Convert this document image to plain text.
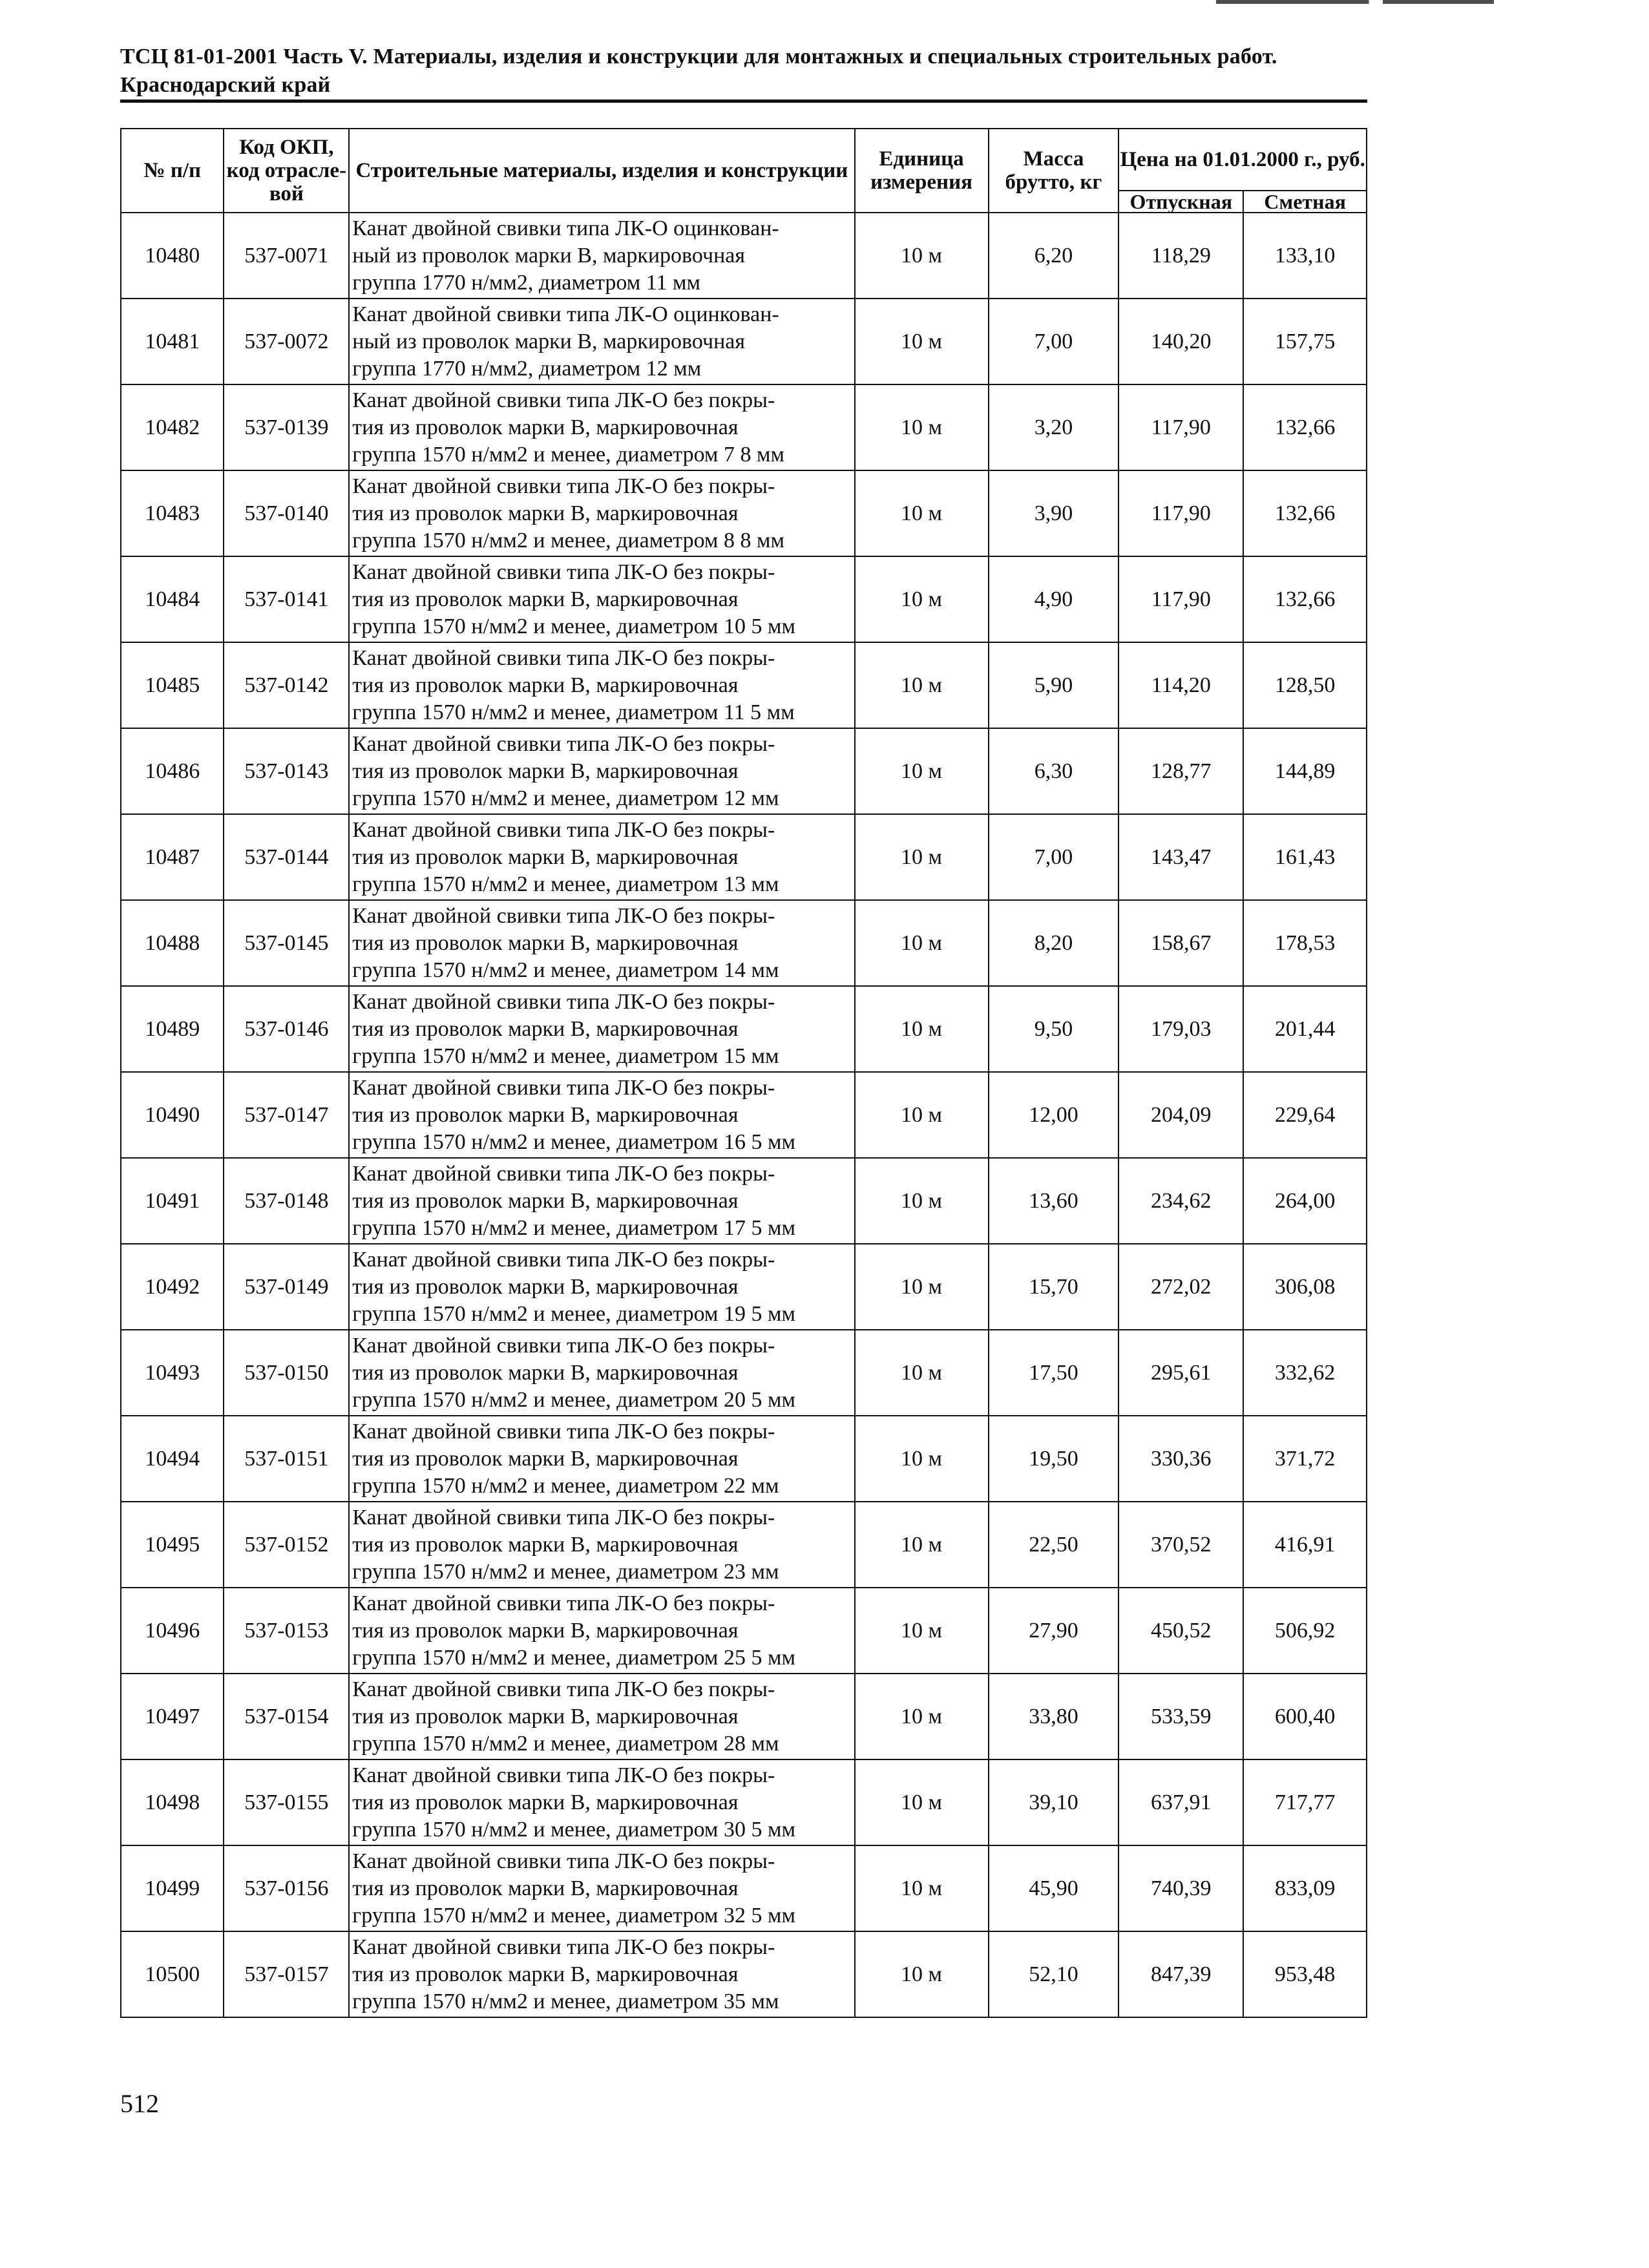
ТСЦ 81-01-2001 Часть V. Материалы, изделия и конструкции для монтажных и специальных строительных работ.
Краснодарский край
№ п/п	Код ОКП, код отрасле- вой	Строительные материалы, изделия и конструкции	Единица измерения	Масса брутто, кг	Цена на 01.01.2000 г., руб.	
					Отпускная	Сметная
10480	537-0071	Канат двойной свивки типа ЛК-О оцинкован-
ный из проволок марки В, маркировочная
группа 1770 н/мм2, диаметром 11 мм	10 м	6,20	118,29	133,10
10481	537-0072	Канат двойной свивки типа ЛК-О оцинкован-
ный из проволок марки В, маркировочная
группа 1770 н/мм2, диаметром 12 мм	10 м	7,00	140,20	157,75
10482	537-0139	Канат двойной свивки типа ЛК-О без покры-
тия из проволок марки В, маркировочная
группа 1570 н/мм2 и менее, диаметром 7 8 мм	10 м	3,20	117,90	132,66
10483	537-0140	Канат двойной свивки типа ЛК-О без покры-
тия из проволок марки В, маркировочная
группа 1570 н/мм2 и менее, диаметром 8 8 мм	10 м	3,90	117,90	132,66
10484	537-0141	Канат двойной свивки типа ЛК-О без покры-
тия из проволок марки В, маркировочная
группа 1570 н/мм2 и менее, диаметром 10 5 мм	10 м	4,90	117,90	132,66
10485	537-0142	Канат двойной свивки типа ЛК-О без покры-
тия из проволок марки В, маркировочная
группа 1570 н/мм2 и менее, диаметром 11 5 мм	10 м	5,90	114,20	128,50
10486	537-0143	Канат двойной свивки типа ЛК-О без покры-
тия из проволок марки В, маркировочная
группа 1570 н/мм2 и менее, диаметром 12 мм	10 м	6,30	128,77	144,89
10487	537-0144	Канат двойной свивки типа ЛК-О без покры-
тия из проволок марки В, маркировочная
группа 1570 н/мм2 и менее, диаметром 13 мм	10 м	7,00	143,47	161,43
10488	537-0145	Канат двойной свивки типа ЛК-О без покры-
тия из проволок марки В, маркировочная
группа 1570 н/мм2 и менее, диаметром 14 мм	10 м	8,20	158,67	178,53
10489	537-0146	Канат двойной свивки типа ЛК-О без покры-
тия из проволок марки В, маркировочная
группа 1570 н/мм2 и менее, диаметром 15 мм	10 м	9,50	179,03	201,44
10490	537-0147	Канат двойной свивки типа ЛК-О без покры-
тия из проволок марки В, маркировочная
группа 1570 н/мм2 и менее, диаметром 16 5 мм	10 м	12,00	204,09	229,64
10491	537-0148	Канат двойной свивки типа ЛК-О без покры-
тия из проволок марки В, маркировочная
группа 1570 н/мм2 и менее, диаметром 17 5 мм	10 м	13,60	234,62	264,00
10492	537-0149	Канат двойной свивки типа ЛК-О без покры-
тия из проволок марки В, маркировочная
группа 1570 н/мм2 и менее, диаметром 19 5 мм	10 м	15,70	272,02	306,08
10493	537-0150	Канат двойной свивки типа ЛК-О без покры-
тия из проволок марки В, маркировочная
группа 1570 н/мм2 и менее, диаметром 20 5 мм	10 м	17,50	295,61	332,62
10494	537-0151	Канат двойной свивки типа ЛК-О без покры-
тия из проволок марки В, маркировочная
группа 1570 н/мм2 и менее, диаметром 22 мм	10 м	19,50	330,36	371,72
10495	537-0152	Канат двойной свивки типа ЛК-О без покры-
тия из проволок марки В, маркировочная
группа 1570 н/мм2 и менее, диаметром 23 мм	10 м	22,50	370,52	416,91
10496	537-0153	Канат двойной свивки типа ЛК-О без покры-
тия из проволок марки В, маркировочная
группа 1570 н/мм2 и менее, диаметром 25 5 мм	10 м	27,90	450,52	506,92
10497	537-0154	Канат двойной свивки типа ЛК-О без покры-
тия из проволок марки В, маркировочная
группа 1570 н/мм2 и менее, диаметром 28 мм	10 м	33,80	533,59	600,40
10498	537-0155	Канат двойной свивки типа ЛК-О без покры-
тия из проволок марки В, маркировочная
группа 1570 н/мм2 и менее, диаметром 30 5 мм	10 м	39,10	637,91	717,77
10499	537-0156	Канат двойной свивки типа ЛК-О без покры-
тия из проволок марки В, маркировочная
группа 1570 н/мм2 и менее, диаметром 32 5 мм	10 м	45,90	740,39	833,09
10500	537-0157	Канат двойной свивки типа ЛК-О без покры-
тия из проволок марки В, маркировочная
группа 1570 н/мм2 и менее, диаметром 35 мм	10 м	52,10	847,39	953,48
512
